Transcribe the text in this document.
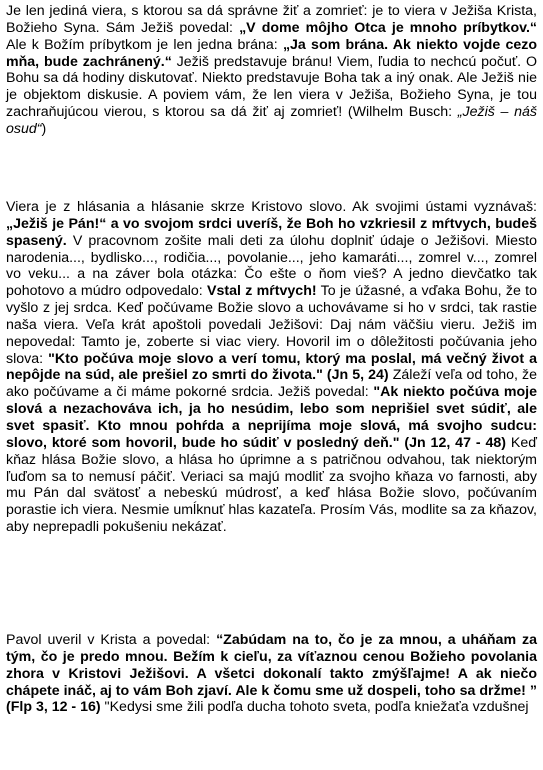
Je len jediná viera, s ktorou sa dá správne žiť a zomrieť: je to viera v Ježiša Krista, Božieho Syna. Sám Ježiš povedal: „V dome môjho Otca je mnoho príbytkov.“ Ale k Božím príbytkom je len jedna brána: „Ja som brána. Ak niekto vojde cezo mňa, bude zachránený.“ Ježiš predstavuje bránu! Viem, ľudia to nechcú počuť. O Bohu sa dá hodiny diskutovať. Niekto predstavuje Boha tak a iný onak. Ale Ježiš nie je objektom diskusie. A poviem vám, že len viera v Ježiša, Božieho Syna, je tou zachraňujúcou vierou, s ktorou sa dá žiť aj zomrieť! (Wilhelm Busch: „Ježiš – náš osud“)

Viera je z hlásania a hlásanie skrze Kristovo slovo. Ak svojimi ústami vyznávaš: „Ježiš je Pán!“ a vo svojom srdci uveríš, že Boh ho vzkriesil z mŕtvych, budeš spasený. V pracovnom zošite mali deti za úlohu doplniť údaje o Ježišovi. Miesto narodenia..., bydlisko..., rodičia..., povolanie..., jeho kamaráti..., zomrel v..., zomrel vo veku... a na záver bola otázka: Čo ešte o ňom vieš? A jedno dievčatko tak pohotovo a múdro odpovedalo: Vstal z mŕtvych! To je úžasné, a vďaka Bohu, že to vyšlo z jej srdca. Keď počúvame Božie slovo a uchovávame si ho v srdci, tak rastie naša viera. Veľa krát apoštoli povedali Ježišovi: Daj nám väčšiu vieru. Ježiš im nepovedal: Tamto je, zoberte si viac viery. Hovoril im o dôležitosti počúvania jeho slova: "Kto počúva moje slovo a verí tomu, ktorý ma poslal, má večný život a nepôjde na súd, ale prešiel zo smrti do života." (Jn 5, 24) Záleží veľa od toho, že ako počúvame a či máme pokorné srdcia. Ježiš povedal: "Ak niekto počúva moje slová a nezachováva ich, ja ho nesúdim, lebo som neprišiel svet súdiť, ale svet spasiť. Kto mnou pohŕda a neprijíma moje slová, má svojho sudcu: slovo, ktoré som hovoril, bude ho súdiť v posledný deň." (Jn 12, 47 - 48) Keď kňaz hlása Božie slovo, a hlása ho úprimne a s patričnou odvahou, tak niektorým ľuďom sa to nemusí páčiť. Veriaci sa majú modliť za svojho kňaza vo farnosti, aby mu Pán dal svätosť a nebeskú múdrosť, a keď hlása Božie slovo, počúvaním porastie ich viera. Nesmie umĺknuť hlas kazateľa. Prosím Vás, modlite sa za kňazov, aby neprepadli pokušeniu nekázať.

Pavol uveril v Krista a povedal: “Zabúdam na to, čo je za mnou, a uháňam za tým, čo je predo mnou. Bežím k cieľu, za víťaznou cenou Božieho povolania zhora v Kristovi Ježišovi. A všetci dokonalí takto zmýšľajme! A ak niečo chápete ináč, aj to vám Boh zjaví. Ale k čomu sme už dospeli, toho sa držme! ” (Flp 3, 12 - 16) "Kedysi sme žili podľa ducha tohoto sveta, podľa kniežaťa vzdušnej
